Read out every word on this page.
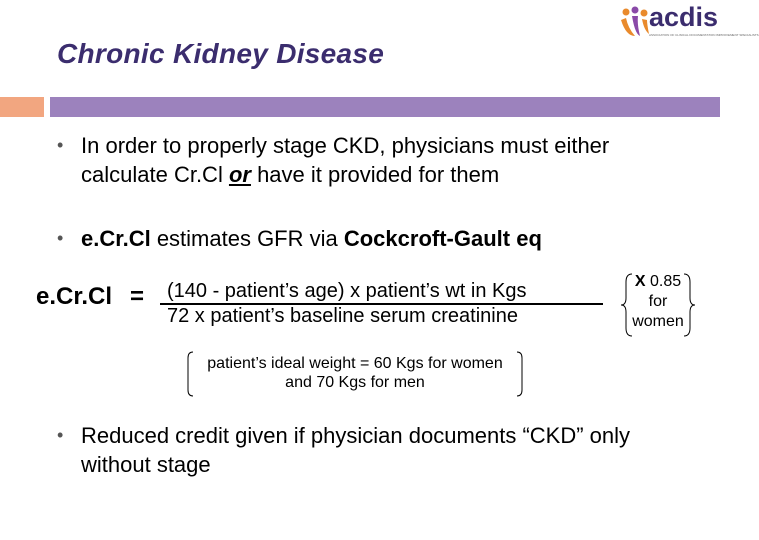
Chronic Kidney Disease
acdis
ASSOCIATION OF CLINICAL DOCUMENTATION IMPROVEMENT SPECIALISTS
• In order to properly stage CKD, physicians must either calculate Cr.Cl or have it provided for them
• e.Cr.Cl estimates GFR via Cockcroft-Gault eq
e.Cr.Cl = (140 - patient’s age) x patient’s wt in Kgs
72 x patient’s baseline serum creatinine
X 0.85
for
women
patient’s ideal weight = 60 Kgs for women
and 70 Kgs for men
• Reduced credit given if physician documents “CKD” only without stage
